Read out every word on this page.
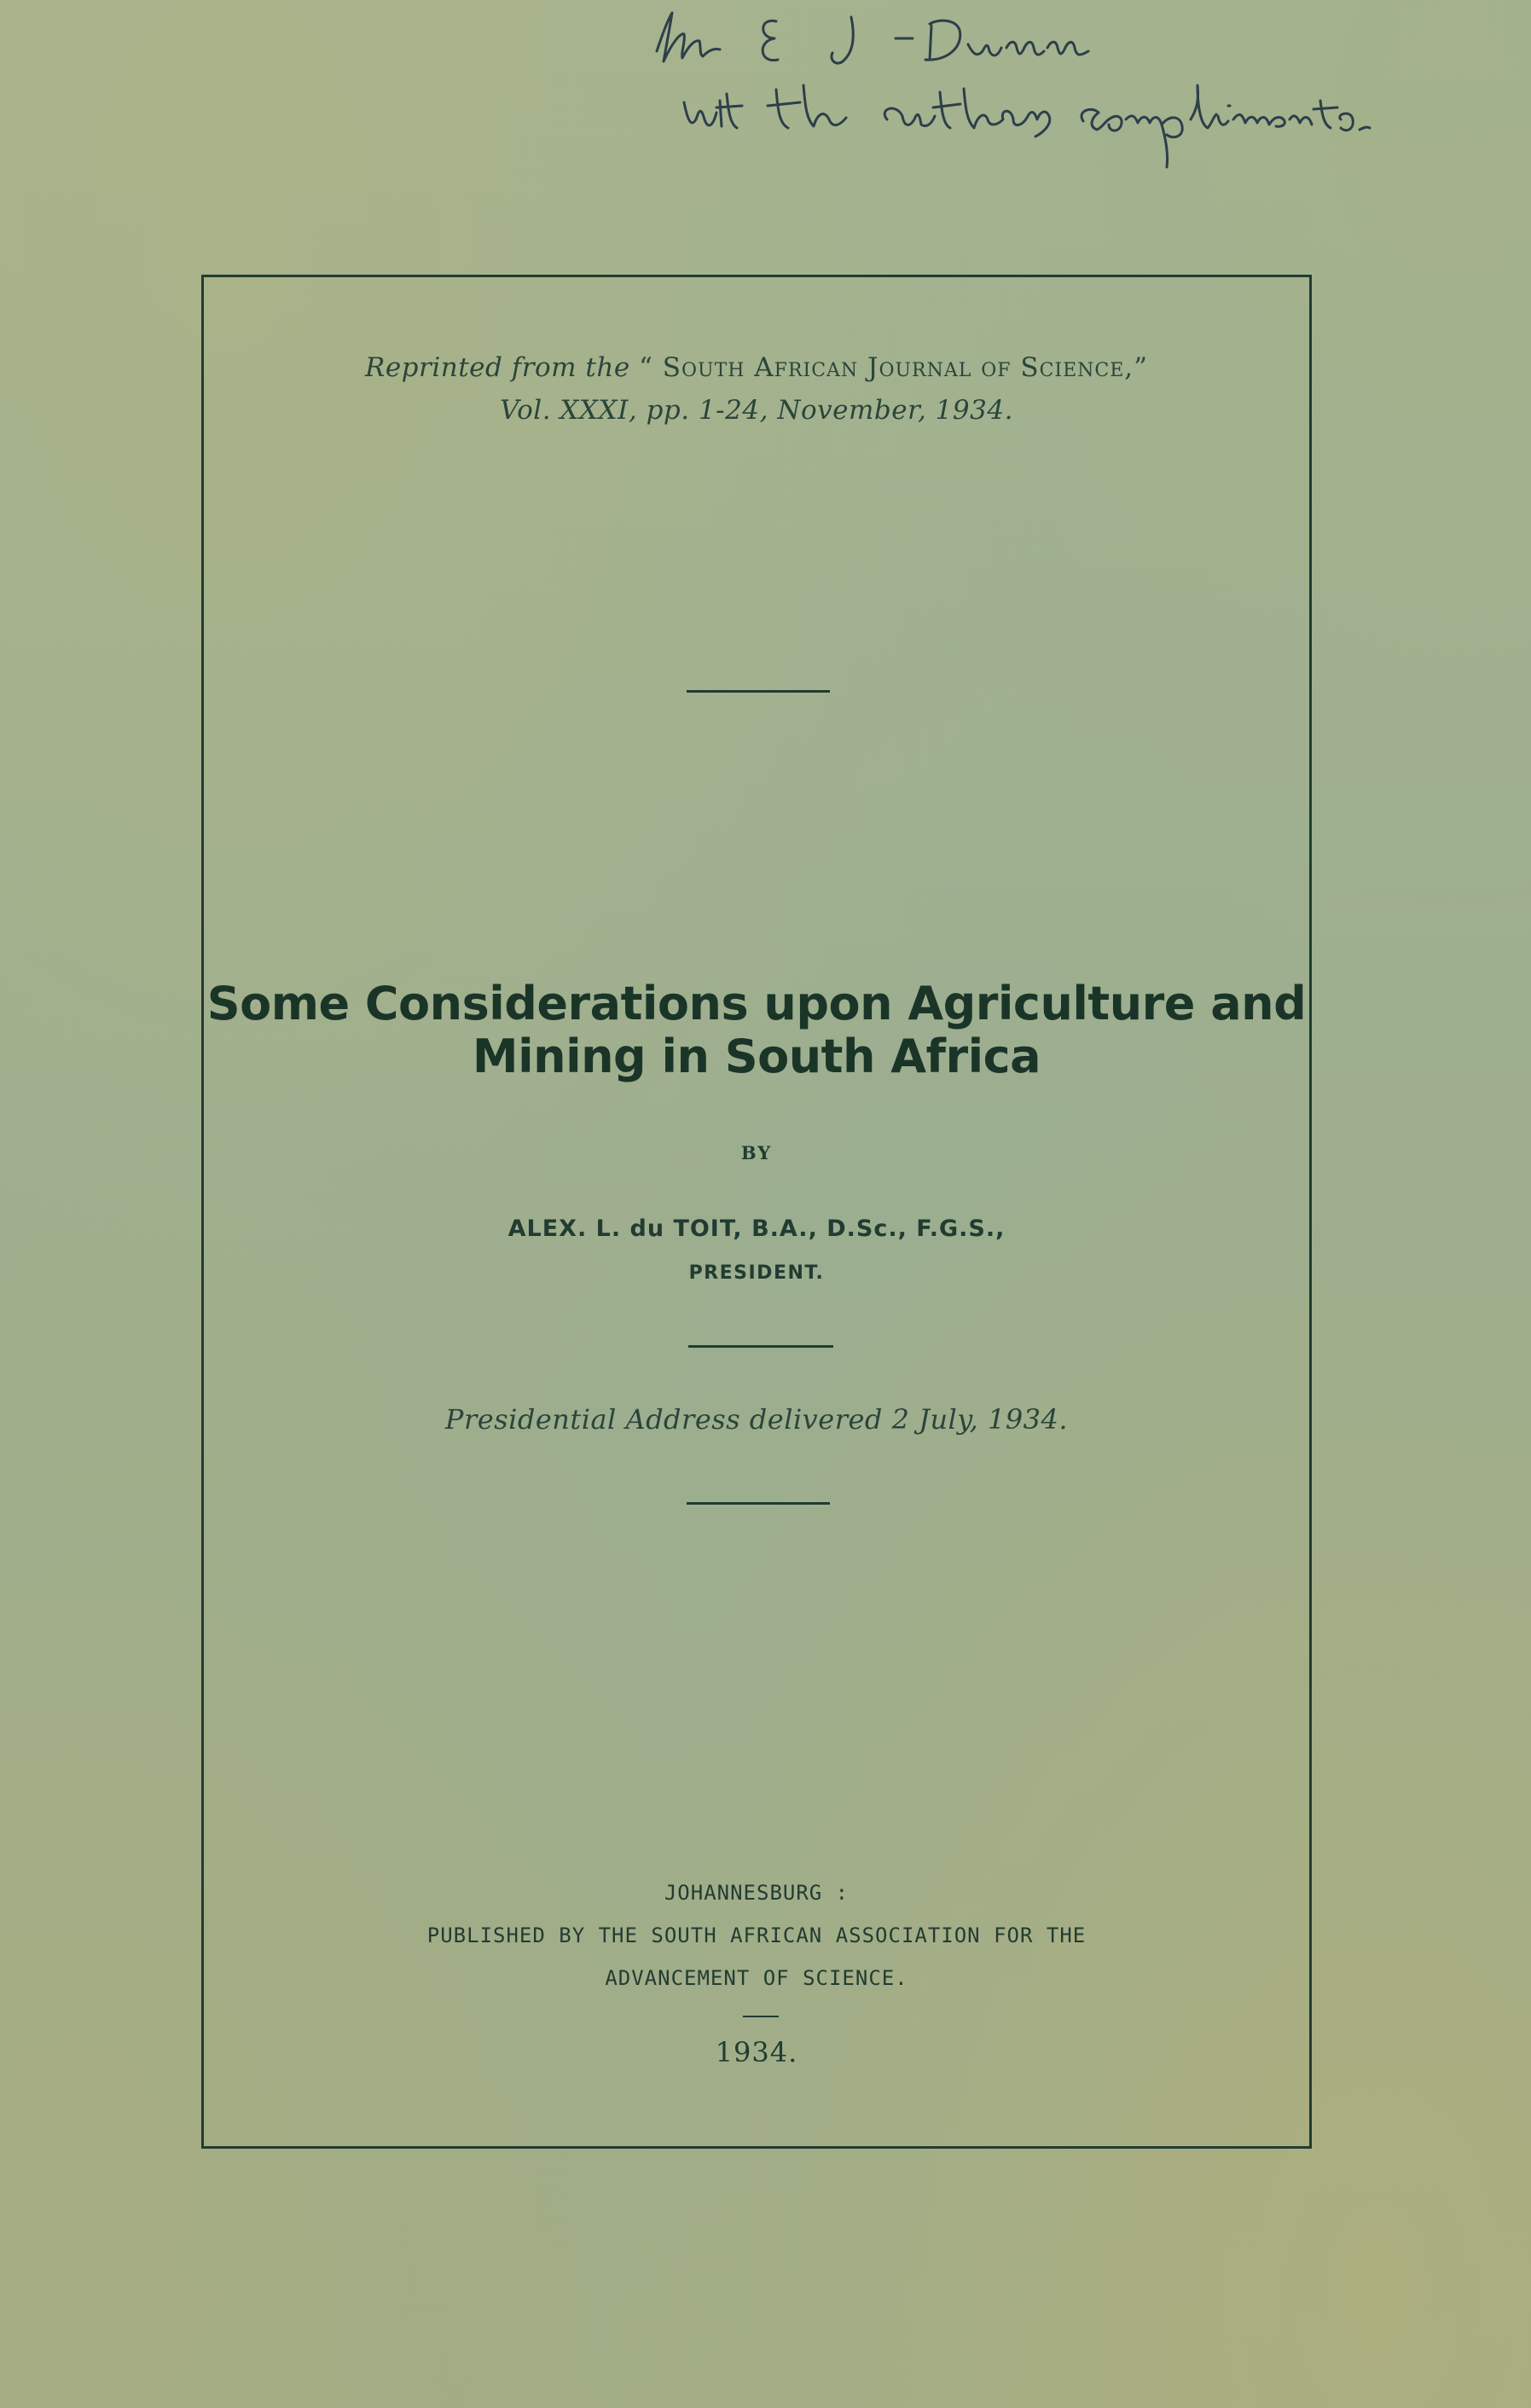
Reprinted from the “ South African Journal of Science,”
Vol. XXXI, pp. 1-24, November, 1934.
Some Considerations upon Agriculture and
Mining in South Africa
BY
ALEX. L. du TOIT, B.A., D.Sc., F.G.S.,
PRESIDENT.
Presidential Address delivered 2 July, 1934.
JOHANNESBURG :
PUBLISHED BY THE SOUTH AFRICAN ASSOCIATION FOR THE
ADVANCEMENT OF SCIENCE.
1934.
